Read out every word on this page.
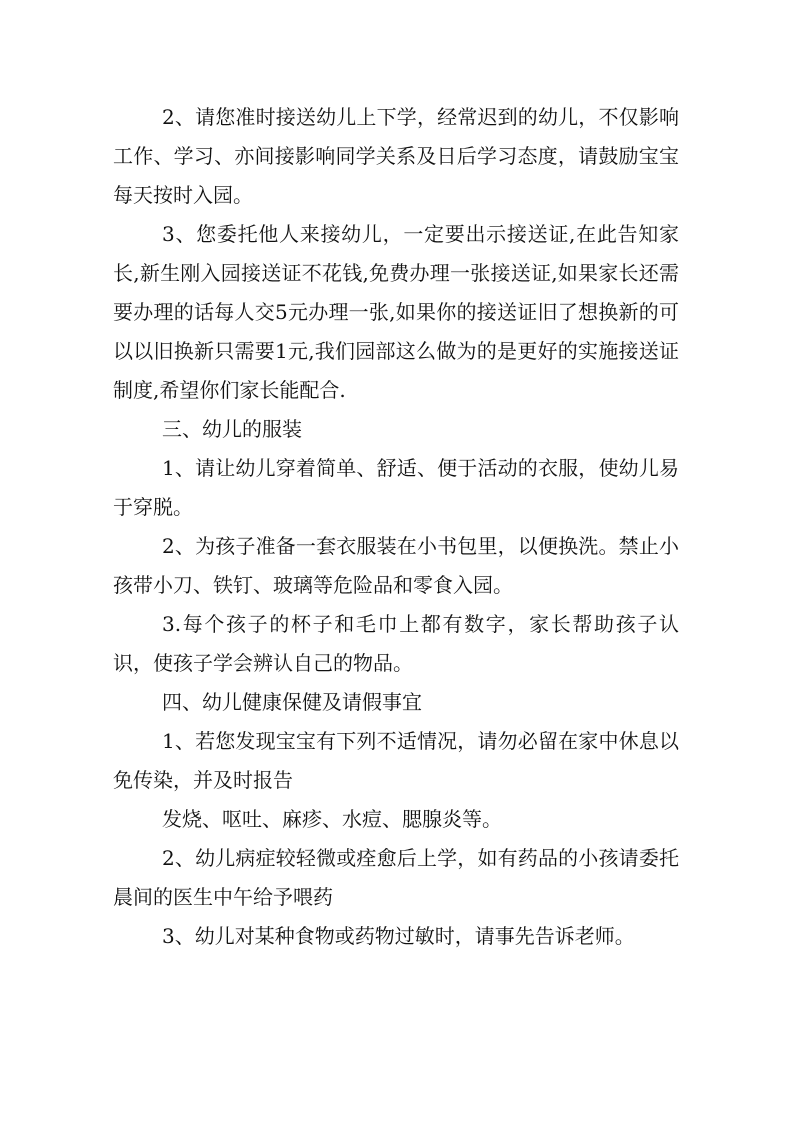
2、请您准时接送幼儿上下学，经常迟到的幼儿，不仅影响工作、学习、亦间接影响同学关系及日后学习态度，请鼓励宝宝每天按时入园。

3、您委托他人来接幼儿，一定要出示接送证,在此告知家长,新生刚入园接送证不花钱,免费办理一张接送证,如果家长还需要办理的话每人交5元办理一张,如果你的接送证旧了想换新的可以以旧换新只需要1元,我们园部这么做为的是更好的实施接送证制度,希望你们家长能配合.

三、幼儿的服装

1、请让幼儿穿着简单、舒适、便于活动的衣服，使幼儿易于穿脱。

2、为孩子准备一套衣服装在小书包里，以便换洗。禁止小孩带小刀、铁钉、玻璃等危险品和零食入园。

3.每个孩子的杯子和毛巾上都有数字，家长帮助孩子认识，使孩子学会辨认自己的物品。

四、幼儿健康保健及请假事宜

1、若您发现宝宝有下列不适情况，请勿必留在家中休息以免传染，并及时报告

发烧、呕吐、麻疹、水痘、腮腺炎等。

2、幼儿病症较轻微或痊愈后上学，如有药品的小孩请委托晨间的医生中午给予喂药

3、幼儿对某种食物或药物过敏时，请事先告诉老师。
